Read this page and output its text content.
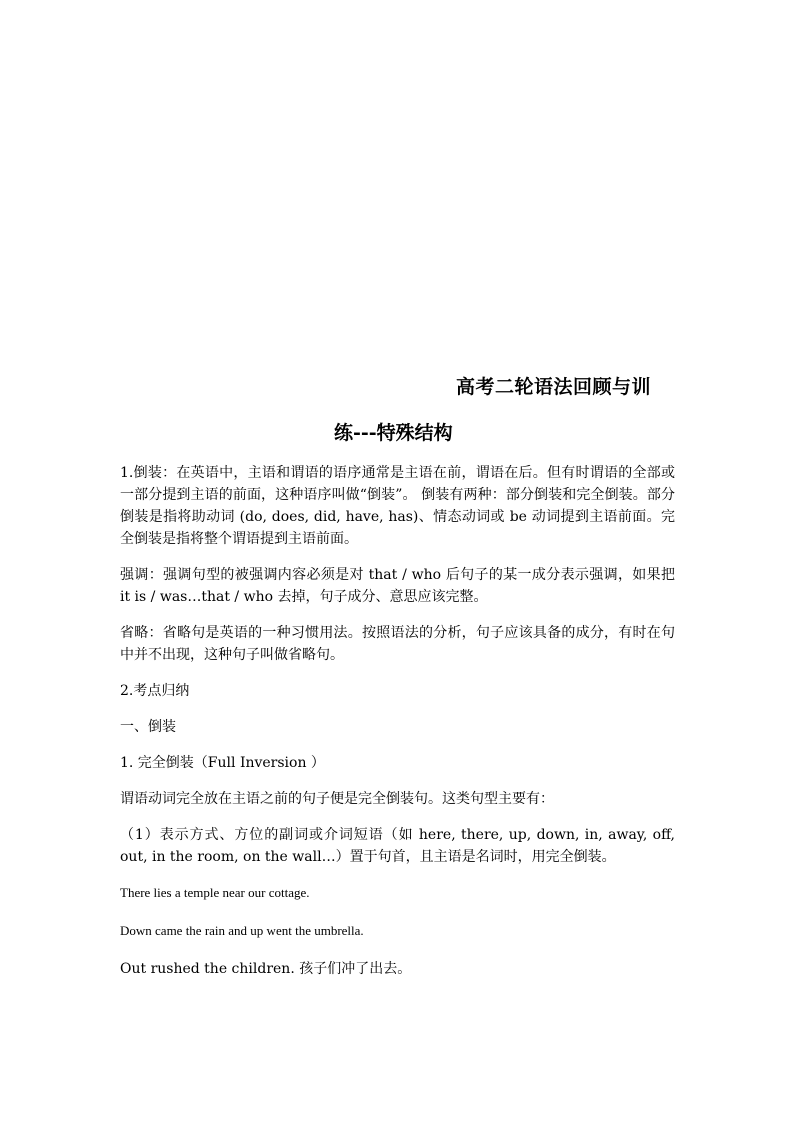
高考二轮语法回顾与训
练---特殊结构

1.倒装：在英语中，主语和谓语的语序通常是主语在前，谓语在后。但有时谓语的全部或一部分提到主语的前面，这种语序叫做“倒装”。 倒装有两种：部分倒装和完全倒装。部分倒装是指将助动词 (do, does, did, have, has)、情态动词或 be 动词提到主语前面。完全倒装是指将整个谓语提到主语前面。

强调：强调句型的被强调内容必须是对 that / who 后句子的某一成分表示强调，如果把 it is / was…that / who 去掉，句子成分、意思应该完整。

省略：省略句是英语的一种习惯用法。按照语法的分析，句子应该具备的成分，有时在句中并不出现，这种句子叫做省略句。

2.考点归纳

一、倒装

1. 完全倒装（Full Inversion ）

谓语动词完全放在主语之前的句子便是完全倒装句。这类句型主要有：

（1）表示方式、方位的副词或介词短语（如 here, there, up, down, in, away, off, out, in the room, on the wall…）置于句首，且主语是名词时，用完全倒装。

There lies a temple near our cottage.

Down came the rain and up went the umbrella.

Out rushed the children. 孩子们冲了出去。
